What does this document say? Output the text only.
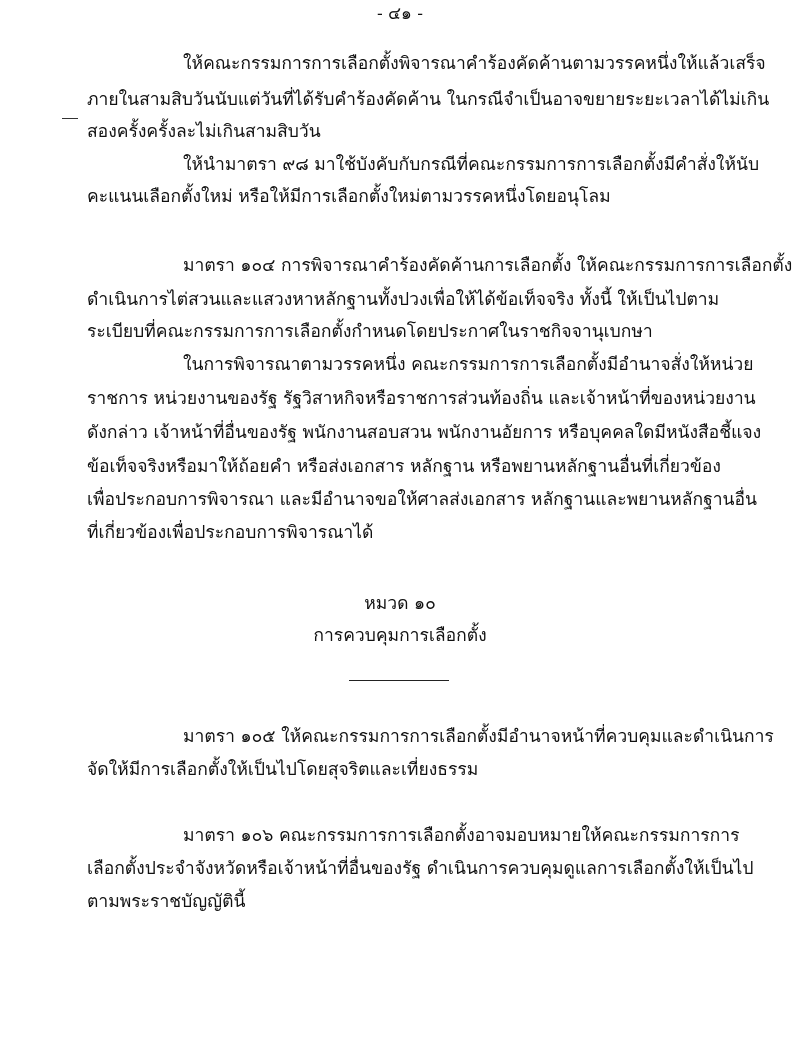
- ๔๑ -
ให้คณะกรรมการการเลือกตั้งพิจารณาคำร้องคัดค้านตามวรรคหนึ่งให้แล้วเสร็จ
ภายในสามสิบวันนับแต่วันที่ได้รับคำร้องคัดค้าน ในกรณีจำเป็นอาจขยายระยะเวลาได้ไม่เกิน
สองครั้งครั้งละไม่เกินสามสิบวัน
ให้นำมาตรา ๙๘ มาใช้บังคับกับกรณีที่คณะกรรมการการเลือกตั้งมีคำสั่งให้นับ
คะแนนเลือกตั้งใหม่ หรือให้มีการเลือกตั้งใหม่ตามวรรคหนึ่งโดยอนุโลม
มาตรา ๑๐๔ การพิจารณาคำร้องคัดค้านการเลือกตั้ง ให้คณะกรรมการการเลือกตั้ง
ดำเนินการไต่สวนและแสวงหาหลักฐานทั้งปวงเพื่อให้ได้ข้อเท็จจริง ทั้งนี้ ให้เป็นไปตาม
ระเบียบที่คณะกรรมการการเลือกตั้งกำหนดโดยประกาศในราชกิจจานุเบกษา
ในการพิจารณาตามวรรคหนึ่ง คณะกรรมการการเลือกตั้งมีอำนาจสั่งให้หน่วย
ราชการ หน่วยงานของรัฐ รัฐวิสาหกิจหรือราชการส่วนท้องถิ่น และเจ้าหน้าที่ของหน่วยงาน
ดังกล่าว เจ้าหน้าที่อื่นของรัฐ พนักงานสอบสวน พนักงานอัยการ หรือบุคคลใดมีหนังสือชี้แจง
ข้อเท็จจริงหรือมาให้ถ้อยคำ หรือส่งเอกสาร หลักฐาน หรือพยานหลักฐานอื่นที่เกี่ยวข้อง
เพื่อประกอบการพิจารณา และมีอำนาจขอให้ศาลส่งเอกสาร หลักฐานและพยานหลักฐานอื่น
ที่เกี่ยวข้องเพื่อประกอบการพิจารณาได้
หมวด ๑๐
การควบคุมการเลือกตั้ง
มาตรา ๑๐๕ ให้คณะกรรมการการเลือกตั้งมีอำนาจหน้าที่ควบคุมและดำเนินการ
จัดให้มีการเลือกตั้งให้เป็นไปโดยสุจริตและเที่ยงธรรม
มาตรา ๑๐๖ คณะกรรมการการเลือกตั้งอาจมอบหมายให้คณะกรรมการการ
เลือกตั้งประจำจังหวัดหรือเจ้าหน้าที่อื่นของรัฐ ดำเนินการควบคุมดูแลการเลือกตั้งให้เป็นไป
ตามพระราชบัญญัตินี้
